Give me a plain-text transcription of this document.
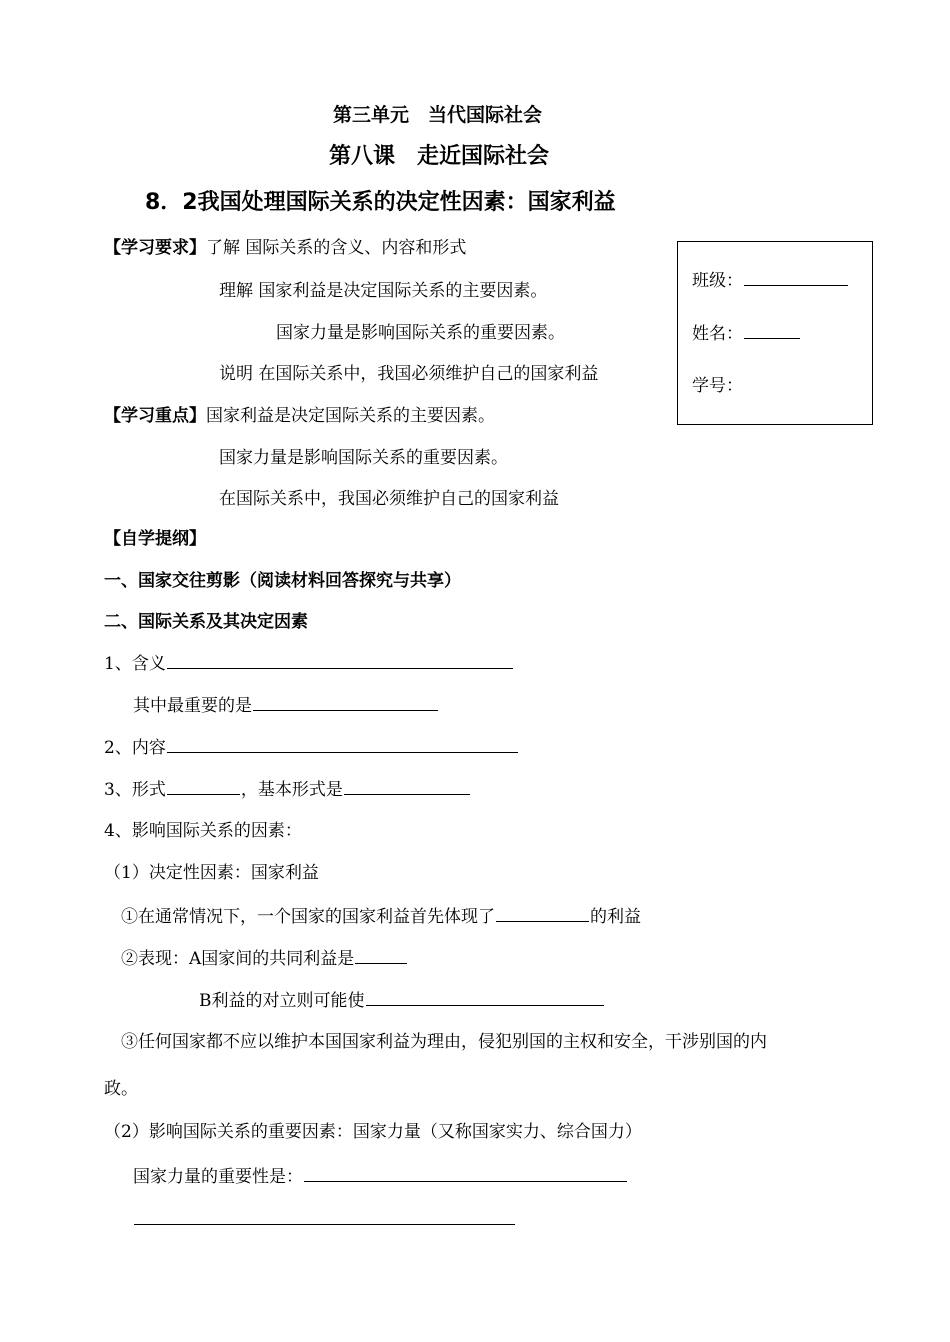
第三单元　当代国际社会
第八课　走近国际社会
8．2我国处理国际关系的决定性因素：国家利益
班级：
姓名：
学号：
【学习要求】了解 国际关系的含义、内容和形式
理解 国家利益是决定国际关系的主要因素。
国家力量是影响国际关系的重要因素。
说明 在国际关系中，我国必须维护自己的国家利益
【学习重点】国家利益是决定国际关系的主要因素。
国家力量是影响国际关系的重要因素。
在国际关系中，我国必须维护自己的国家利益
【自学提纲】
一、国家交往剪影（阅读材料回答探究与共享）
二、国际关系及其决定因素
1、含义
其中最重要的是
2、内容
3、形式	，基本形式是
4、影响国际关系的因素：
（1）决定性因素：国家利益
①在通常情况下，一个国家的国家利益首先体现了	的利益
②表现：A国家间的共同利益是
B利益的对立则可能使
③任何国家都不应以维护本国国家利益为理由，侵犯别国的主权和安全，干涉别国的内
政。
（2）影响国际关系的重要因素：国家力量（又称国家实力、综合国力）
国家力量的重要性是：
